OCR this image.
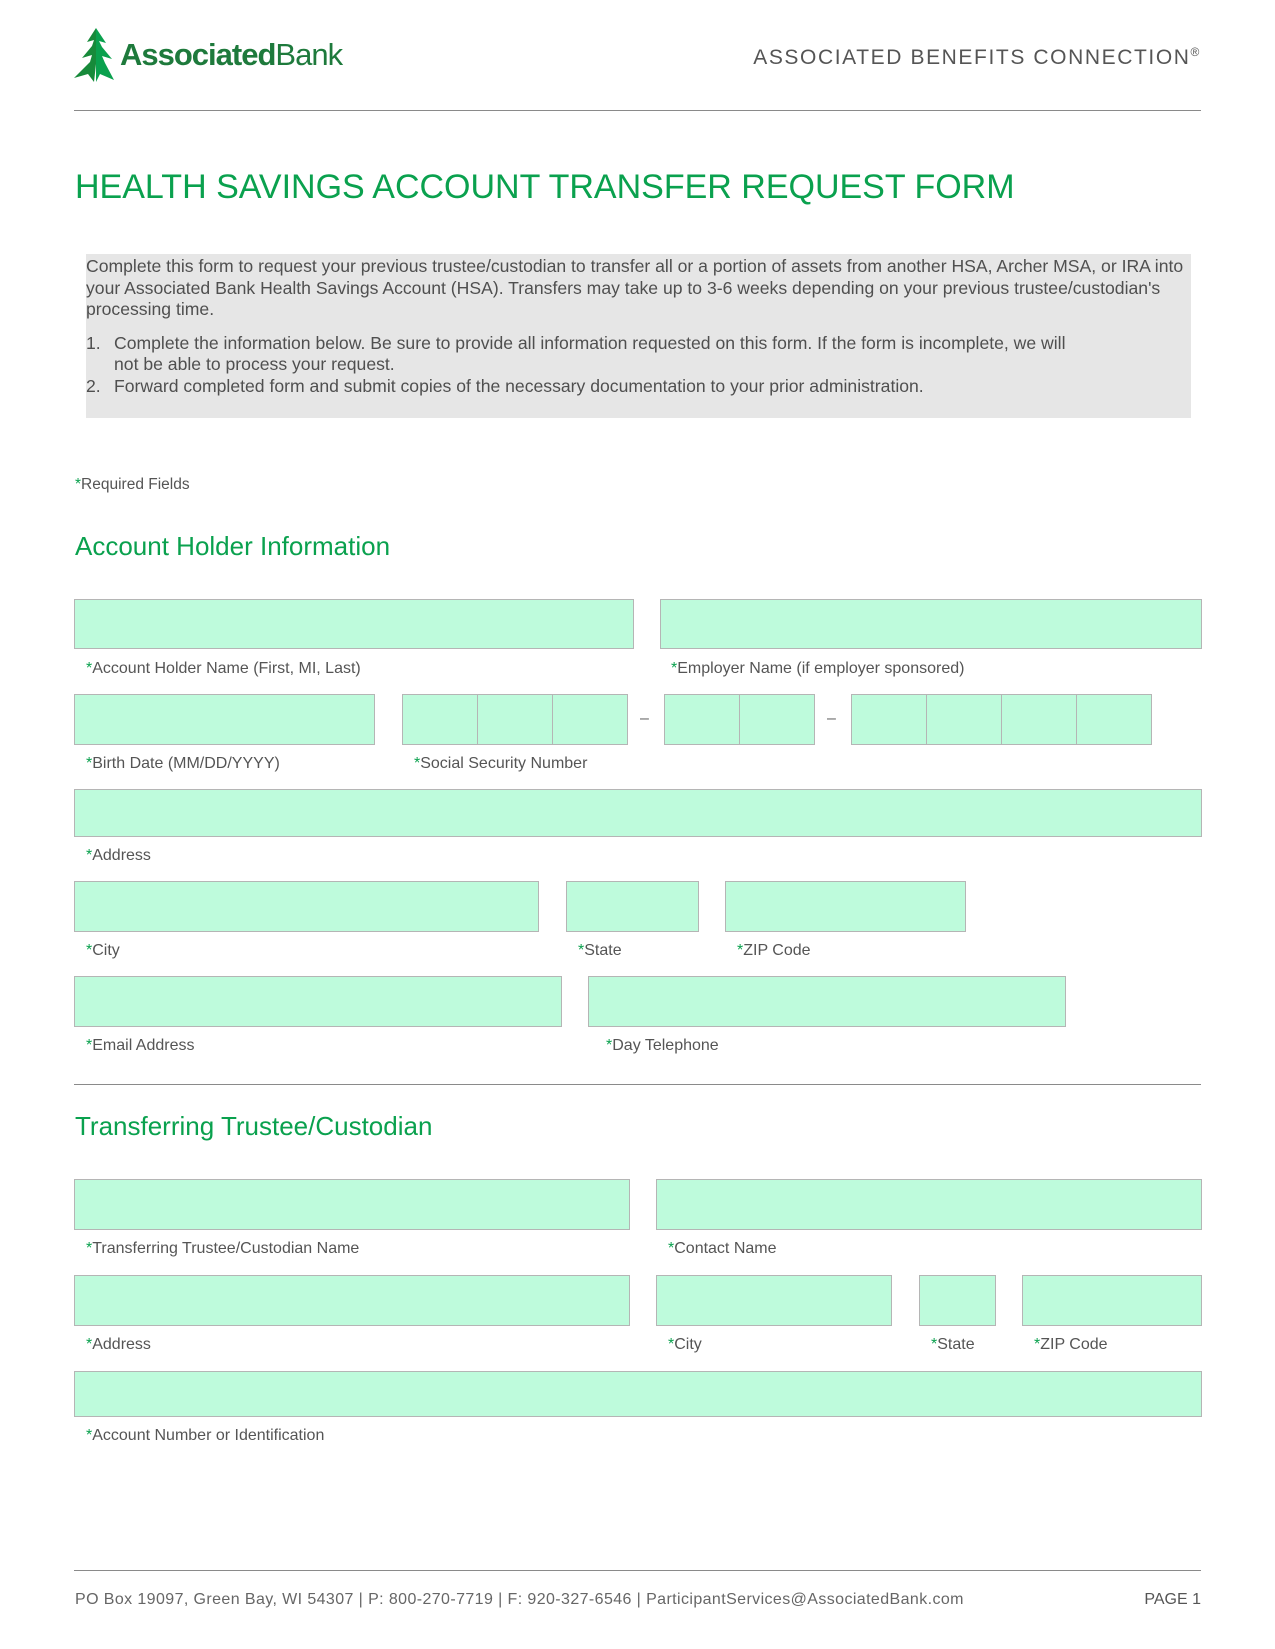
AssociatedBank	ASSOCIATED BENEFITS CONNECTION®
HEALTH SAVINGS ACCOUNT TRANSFER REQUEST FORM

Complete this form to request your previous trustee/custodian to transfer all or a portion of assets from another HSA, Archer MSA, or IRA into your Associated Bank Health Savings Account (HSA). Transfers may take up to 3-6 weeks depending on your previous trustee/custodian's processing time.

1. Complete the information below. Be sure to provide all information requested on this form. If the form is incomplete, we will not be able to process your request.
2. Forward completed form and submit copies of the necessary documentation to your prior administration.
*Required Fields
Account Holder Information
*Account Holder Name (First, MI, Last)	*Employer Name (if employer sponsored)
–	–
*Birth Date (MM/DD/YYYY)	*Social Security Number
*Address
*City	*State	*ZIP Code
*Email Address	*Day Telephone
Transferring Trustee/Custodian
*Transferring Trustee/Custodian Name	*Contact Name
*Address	*City	*State	*ZIP Code
*Account Number or Identification
PO Box 19097, Green Bay, WI 54307 | P: 800-270-7719 | F: 920-327-6546 | ParticipantServices@AssociatedBank.com	PAGE 1
